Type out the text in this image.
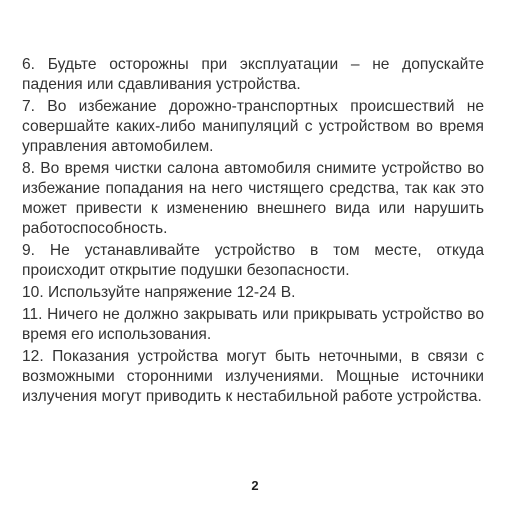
6. Будьте осторожны при эксплуатации – не допускайте падения или сдавливания устройства.

7. Во избежание дорожно-транспортных происшествий не совершайте каких-либо манипуляций с устройством во время управления автомобилем.

8. Во время чистки салона автомобиля снимите устройство во избежание попадания на него чистящего средства, так как это может привести к изменению внешнего вида или нарушить работоспособность.

9. Не устанавливайте устройство в том месте, откуда происходит открытие подушки безопасности.

10. Используйте напряжение 12-24 В.

11. Ничего не должно закрывать или прикрывать устройство во время его использования.

12. Показания устройства могут быть неточными, в связи с возможными сторонними излучениями. Мощные источники излучения могут приводить к нестабильной работе устройства.

2
